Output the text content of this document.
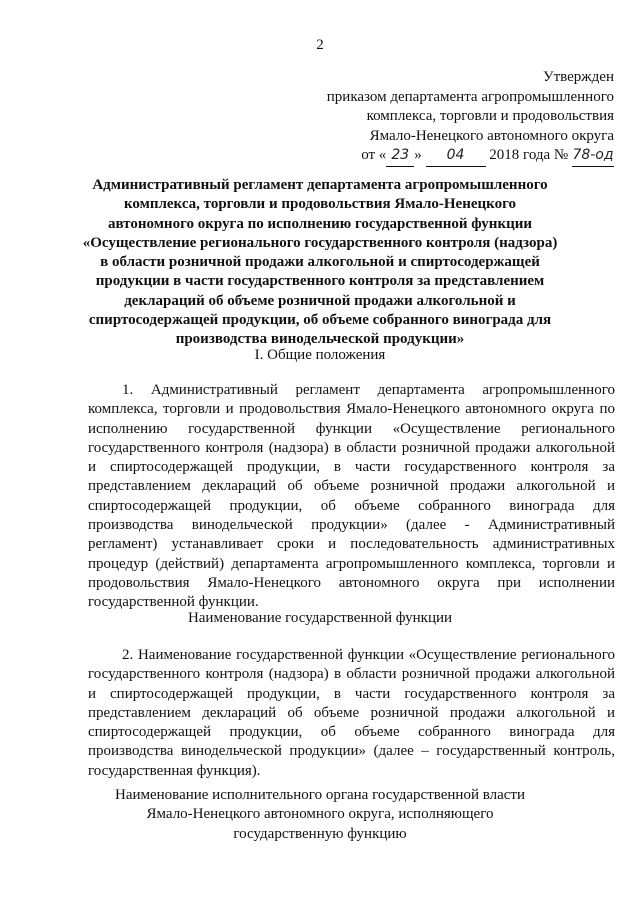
2
Утвержден
приказом департамента агропромышленного
комплекса, торговли и продовольствия
Ямало-Ненецкого автономного округа
от « 23 » 04 2018 года № 78-од
Административный регламент департамента агропромышленного комплекса, торговли и продовольствия Ямало-Ненецкого автономного округа по исполнению государственной функции «Осуществление регионального государственного контроля (надзора) в области розничной продажи алкогольной и спиртосодержащей продукции в части государственного контроля за представлением деклараций об объеме розничной продажи алкогольной и спиртосодержащей продукции, об объеме собранного винограда для производства винодельческой продукции»
I. Общие положения
1. Административный регламент департамента агропромышленного комплекса, торговли и продовольствия Ямало-Ненецкого автономного округа по исполнению государственной функции «Осуществление регионального государственного контроля (надзора) в области розничной продажи алкогольной и спиртосодержащей продукции, в части государственного контроля за представлением деклараций об объеме розничной продажи алкогольной и спиртосодержащей продукции, об объеме собранного винограда для производства винодельческой продукции» (далее - Административный регламент) устанавливает сроки и последовательность административных процедур (действий) департамента агропромышленного комплекса, торговли и продовольствия Ямало-Ненецкого автономного округа при исполнении государственной функции.
Наименование государственной функции
2. Наименование государственной функции «Осуществление регионального государственного контроля (надзора) в области розничной продажи алкогольной и спиртосодержащей продукции, в части государственного контроля за представлением деклараций об объеме розничной продажи алкогольной и спиртосодержащей продукции, об объеме собранного винограда для производства винодельческой продукции» (далее – государственный контроль, государственная функция).
Наименование исполнительного органа государственной власти
Ямало-Ненецкого автономного округа, исполняющего
государственную функцию
